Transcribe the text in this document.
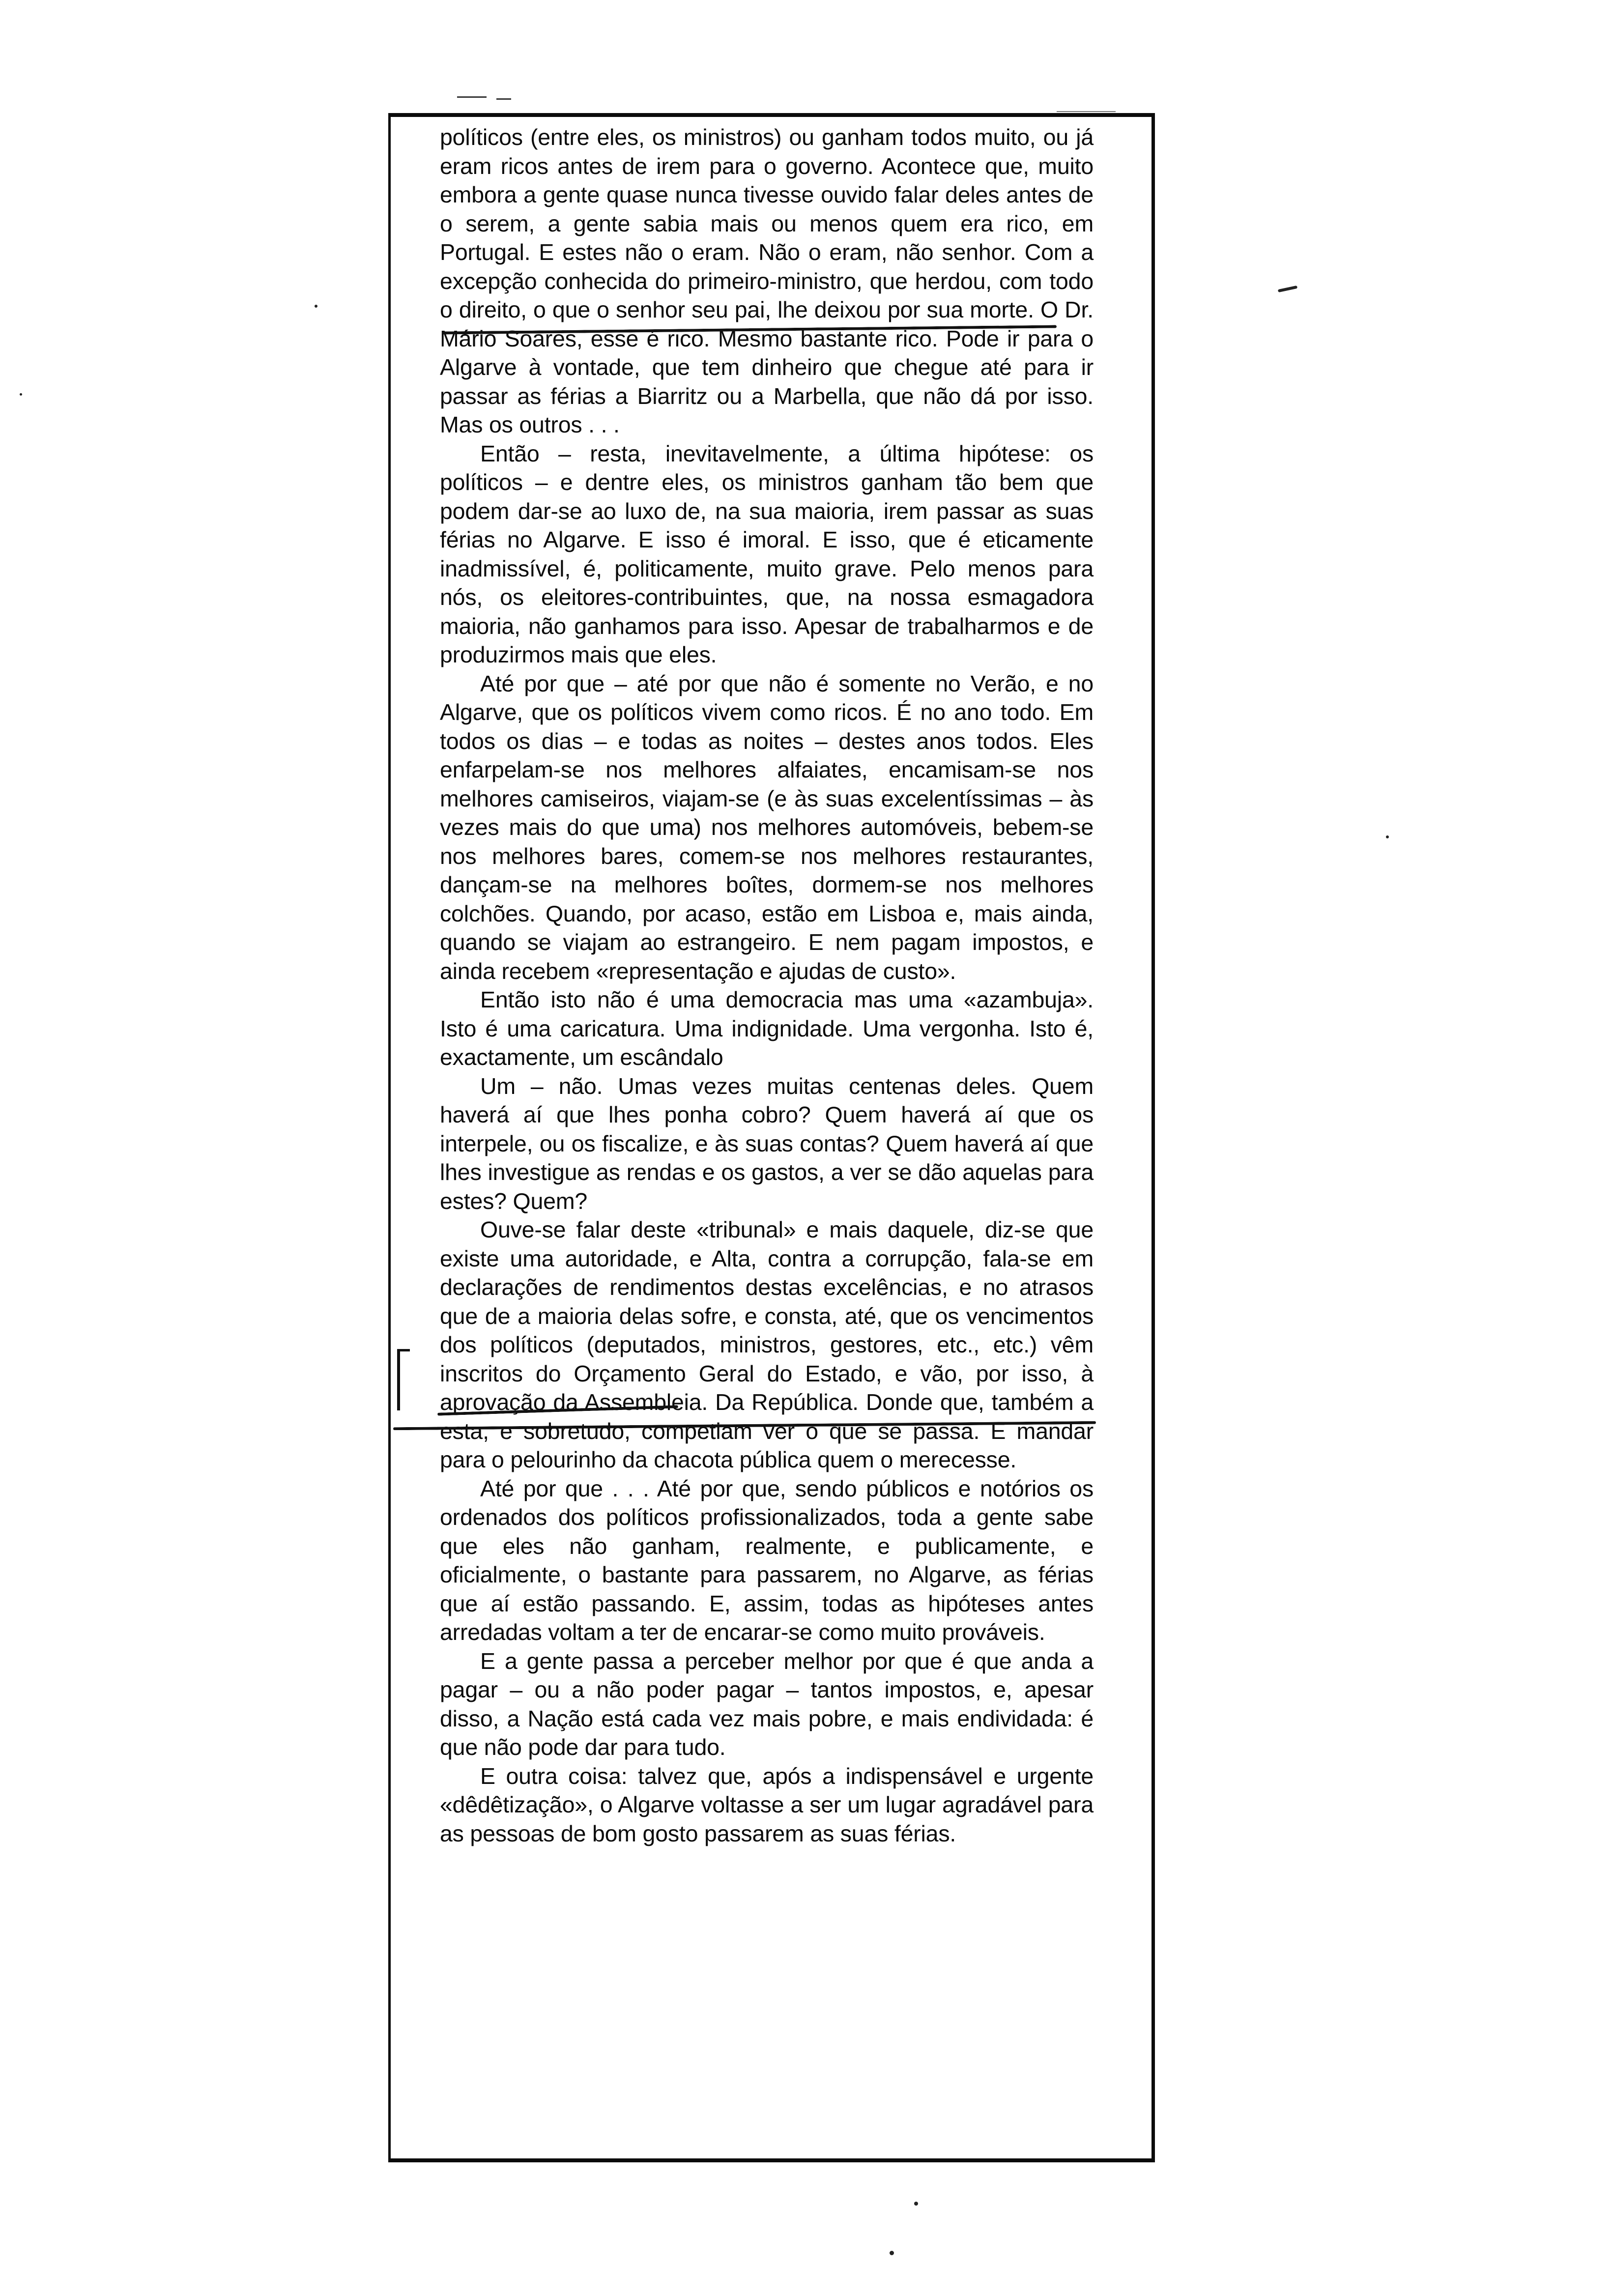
políticos (entre eles, os ministros) ou ganham todos muito, ou já eram ricos antes de irem para o governo. Acontece que, muito embora a gente quase nunca tivesse ouvido falar deles antes de o serem, a gente sabia mais ou menos quem era rico, em Portugal. E estes não o eram. Não o eram, não senhor. Com a excepção conhecida do primeiro-ministro, que herdou, com todo o direito, o que o senhor seu pai, lhe deixou por sua morte. O Dr. Mário Soares, esse é rico. Mesmo bastante rico. Pode ir para o Algarve à vontade, que tem dinheiro que chegue até para ir passar as férias a Biarritz ou a Marbella, que não dá por isso. Mas os outros . . .

Então – resta, inevitavelmente, a última hipótese: os políticos – e dentre eles, os ministros ganham tão bem que podem dar-se ao luxo de, na sua maioria, irem passar as suas férias no Algarve. E isso é imoral. E isso, que é eticamente inadmissível, é, politicamente, muito grave. Pelo menos para nós, os eleitores-contribuintes, que, na nossa esmagadora maioria, não ganhamos para isso. Apesar de trabalharmos e de produzirmos mais que eles.

Até por que – até por que não é somente no Verão, e no Algarve, que os políticos vivem como ricos. É no ano todo. Em todos os dias – e todas as noites – destes anos todos. Eles enfarpelam-se nos melhores alfaiates, encamisam-se nos melhores camiseiros, viajam-se (e às suas excelentíssimas – às vezes mais do que uma) nos melhores automóveis, bebem-se nos melhores bares, comem-se nos melhores restaurantes, dançam-se na melhores boîtes, dormem-se nos melhores colchões. Quando, por acaso, estão em Lisboa e, mais ainda, quando se viajam ao estrangeiro. E nem pagam impostos, e ainda recebem «representação e ajudas de custo».

Então isto não é uma democracia mas uma «azambuja». Isto é uma caricatura. Uma indignidade. Uma vergonha. Isto é, exactamente, um escândalo

Um – não. Umas vezes muitas centenas deles. Quem haverá aí que lhes ponha cobro? Quem haverá aí que os interpele, ou os fiscalize, e às suas contas? Quem haverá aí que lhes investigue as rendas e os gastos, a ver se dão aquelas para estes? Quem?

Ouve-se falar deste «tribunal» e mais daquele, diz-se que existe uma autoridade, e Alta, contra a corrupção, fala-se em declarações de rendimentos destas excelências, e no atrasos que de a maioria delas sofre, e consta, até, que os vencimentos dos políticos (deputados, ministros, gestores, etc., etc.) vêm inscritos do Orçamento Geral do Estado, e vão, por isso, à aprovação da Assembleia. Da República. Donde que, também a esta, e sobretudo, competiam ver o que se passa. E mandar para o pelourinho da chacota pública quem o merecesse.

Até por que . . . Até por que, sendo públicos e notórios os ordenados dos políticos profissionalizados, toda a gente sabe que eles não ganham, realmente, e publicamente, e oficialmente, o bastante para passarem, no Algarve, as férias que aí estão passando. E, assim, todas as hipóteses antes arredadas voltam a ter de encarar-se como muito prováveis.

E a gente passa a perceber melhor por que é que anda a pagar – ou a não poder pagar – tantos impostos, e, apesar disso, a Nação está cada vez mais pobre, e mais endividada: é que não pode dar para tudo.

E outra coisa: talvez que, após a indispensável e urgente «dêdêtização», o Algarve voltasse a ser um lugar agradável para as pessoas de bom gosto passarem as suas férias.
